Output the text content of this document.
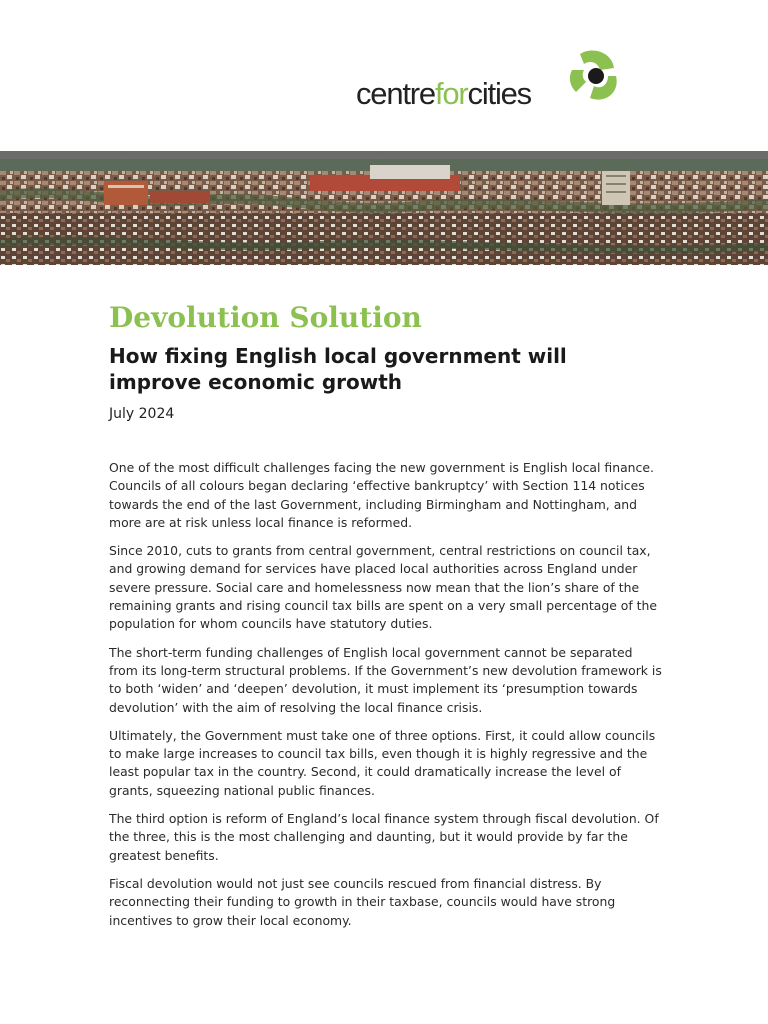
centreforcities
Devolution Solution
How fixing English local government will improve economic growth
July 2024

One of the most difficult challenges facing the new government is English local finance. Councils of all colours began declaring ‘effective bankruptcy’ with Section 114 notices towards the end of the last Government, including Birmingham and Nottingham, and more are at risk unless local finance is reformed.

Since 2010, cuts to grants from central government, central restrictions on council tax, and growing demand for services have placed local authorities across England under severe pressure. Social care and homelessness now mean that the lion’s share of the remaining grants and rising council tax bills are spent on a very small percentage of the population for whom councils have statutory duties.

The short-term funding challenges of English local government cannot be separated from its long-term structural problems. If the Government’s new devolution framework is to both ‘widen’ and ‘deepen’ devolution, it must implement its ‘presumption towards devolution’ with the aim of resolving the local finance crisis.

Ultimately, the Government must take one of three options. First, it could allow councils to make large increases to council tax bills, even though it is highly regressive and the least popular tax in the country. Second, it could dramatically increase the level of grants, squeezing national public finances.

The third option is reform of England’s local finance system through fiscal devolution. Of the three, this is the most challenging and daunting, but it would provide by far the greatest benefits.

Fiscal devolution would not just see councils rescued from financial distress. By reconnecting their funding to growth in their taxbase, councils would have strong incentives to grow their local economy.
